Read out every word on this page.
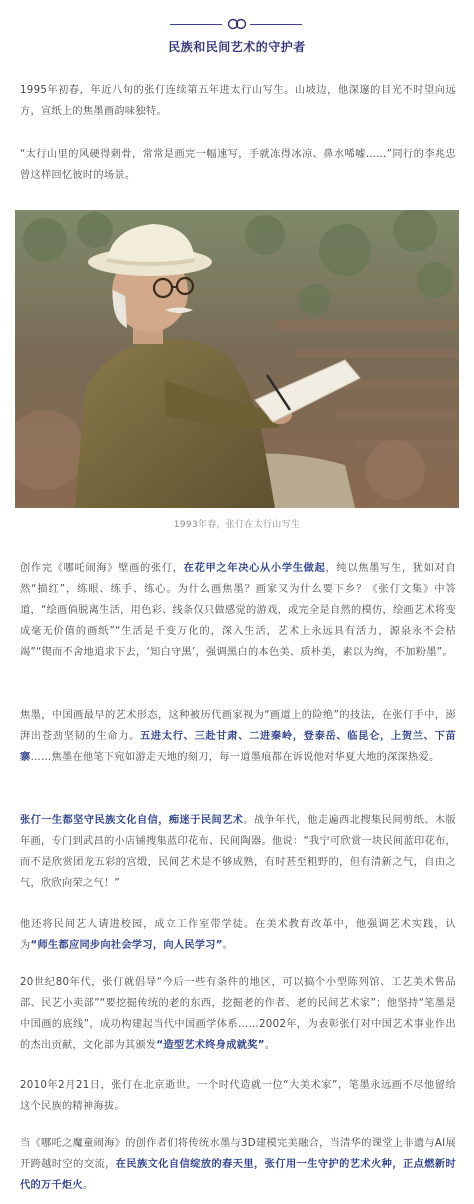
民族和民间艺术的守护者

1995年初春，年近八旬的张仃连续第五年进太行山写生。山坡边，他深邃的目光不时望向远方，宣纸上的焦墨画韵味独特。

“太行山里的风硬得刺骨，常常是画完一幅速写，手就冻得冰凉、鼻水唏嘘……”同行的李兆忠曾这样回忆彼时的场景。

1993年春，张仃在太行山写生

创作完《哪吒闹海》壁画的张仃，在花甲之年决心从小学生做起，纯以焦墨写生，犹如对自然“描红”，练眼、练手、练心。为什么画焦墨？画家又为什么要下乡？《张仃文集》中答道，“绘画倘脱离生活，用色彩、线条仅只做感觉的游戏，或完全是自然的模仿，绘画艺术将变成毫无价值的画纸”“生活是千变万化的，深入生活，艺术上永远具有活力，源泉永不会枯竭”“锲而不舍地追求下去，‘知白守黑’，强调黑白的本色美、质朴美，素以为绚，不加粉墨”。

焦墨，中国画最早的艺术形态，这种被历代画家视为“画道上的险绝”的技法，在张仃手中，澎湃出苍劲坚韧的生命力。五进太行、三赴甘肃、二进秦岭，登泰岳、临昆仑，上贺兰、下苗寨……焦墨在他笔下宛如游走天地的刻刀，每一道墨痕都在诉说他对华夏大地的深深热爱。

张仃一生都坚守民族文化自信，痴迷于民间艺术。战争年代，他走遍西北搜集民间剪纸、木版年画，专门到武昌的小店铺搜集蓝印花布、民间陶器。他说：“我宁可欣赏一块民间蓝印花布，而不是欣赏团龙五彩的宫缎，民间艺术是不够成熟，有时甚至粗野的，但有清新之气，自由之气，欣欣向荣之气！”

他还将民间艺人请进校园，成立工作室带学徒。在美术教育改革中，他强调艺术实践，认为“师生都应同步向社会学习，向人民学习”。

20世纪80年代，张仃就倡导“今后一些有条件的地区，可以搞个小型陈列馆、工艺美术售品部、民艺小卖部”“要挖掘传统的老的东西，挖掘老的作者、老的民间艺术家”；他坚持“笔墨是中国画的底线”，成功构建起当代中国画学体系……2002年，为表彰张仃对中国艺术事业作出的杰出贡献，文化部为其颁发“造型艺术终身成就奖”。

2010年2月21日，张仃在北京逝世。一个时代造就一位“大美术家”，笔墨永远画不尽他留给这个民族的精神海拔。

当《哪吒之魔童闹海》的创作者们将传统水墨与3D建模完美融合，当清华的课堂上非遗与AI展开跨越时空的交流，在民族文化自信绽放的春天里，张仃用一生守护的艺术火种，正点燃新时代的万千炬火。
